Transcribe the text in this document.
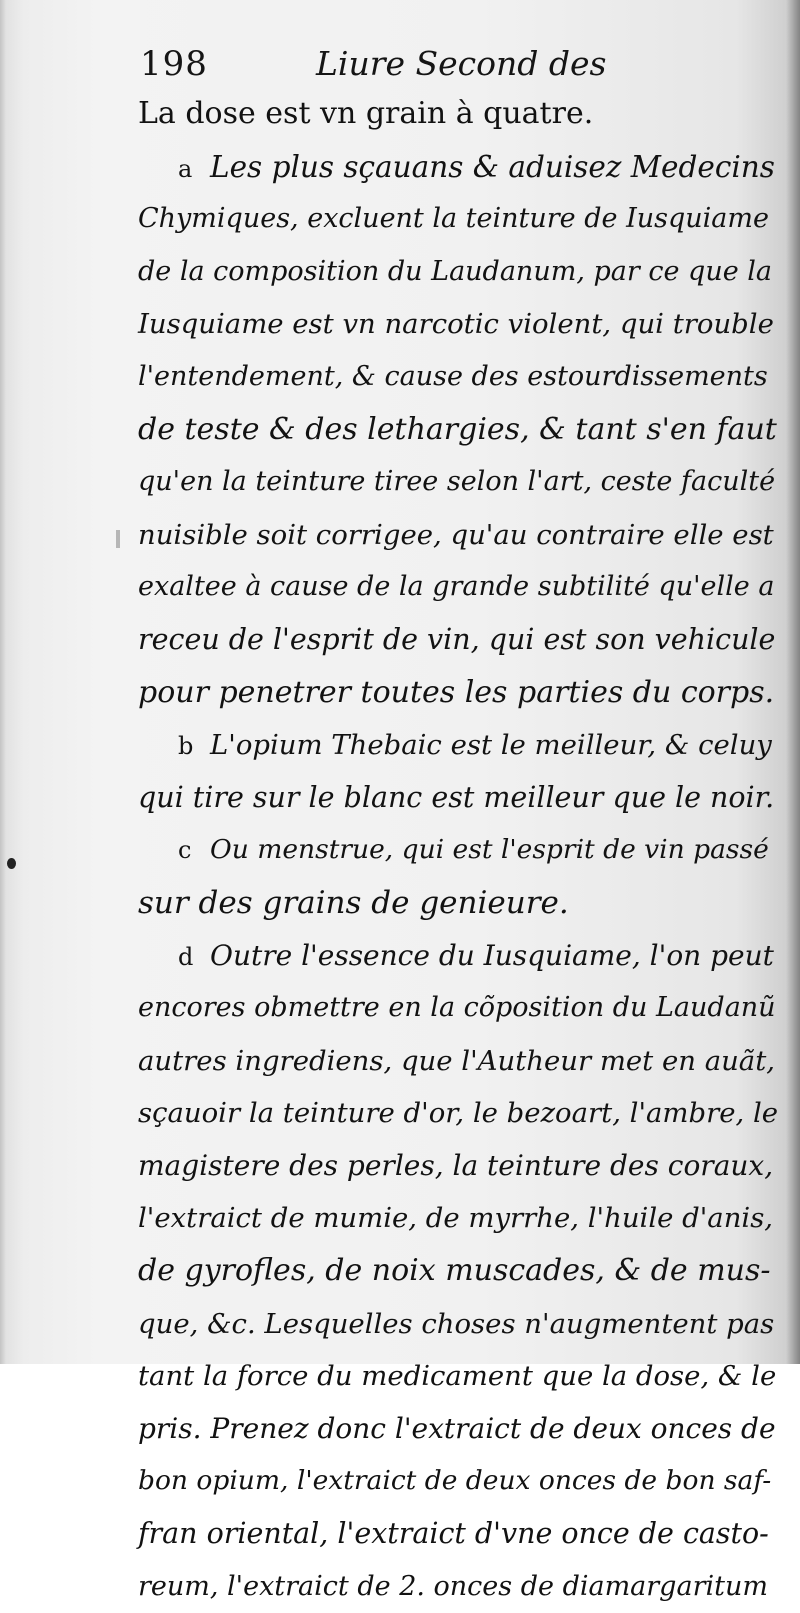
198	Liure Second des
La dose est vn grain à quatre.
a Les plus sçauans & aduisez Medecins
Chymiques, excluent la teinture de Iusquiame
de la composition du Laudanum, par ce que la
Iusquiame est vn narcotic violent, qui trouble
l'entendement, & cause des estourdissements
de teste & des lethargies, & tant s'en faut
qu'en la teinture tiree selon l'art, ceste faculté
nuisible soit corrigee, qu'au contraire elle est
exaltee à cause de la grande subtilité qu'elle a
receu de l'esprit de vin, qui est son vehicule
pour penetrer toutes les parties du corps.
b L'opium Thebaic est le meilleur, & celuy
qui tire sur le blanc est meilleur que le noir.
c Ou menstrue, qui est l'esprit de vin passé
sur des grains de genieure.
d Outre l'essence du Iusquiame, l'on peut
encores obmettre en la cõposition du Laudanũ
autres ingrediens, que l'Autheur met en auãt,
sçauoir la teinture d'or, le bezoart, l'ambre, le
magistere des perles, la teinture des coraux,
l'extraict de mumie, de myrrhe, l'huile d'anis,
de gyrofles, de noix muscades, & de mus-
que, &c. Lesquelles choses n'augmentent pas
tant la force du medicament que la dose, & le
pris. Prenez donc l'extraict de deux onces de
bon opium, l'extraict de deux onces de bon saf-
fran oriental, l'extraict d'vne once de casto-
reum, l'extraict de 2. onces de diamargaritum
